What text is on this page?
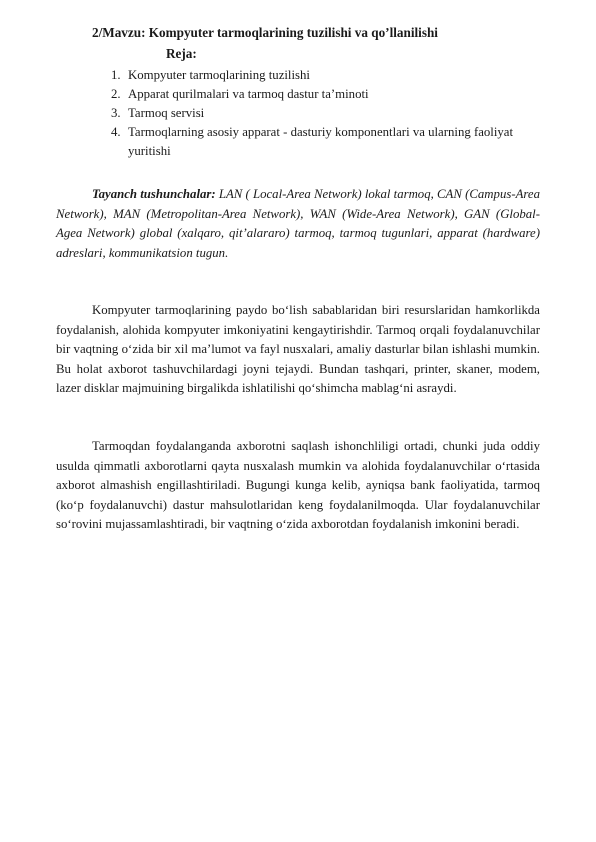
2/Mavzu: Kompyuter tarmoqlarining tuzilishi va qo’llanilishi
Reja:
1. Kompyuter tarmoqlarining tuzilishi
2. Apparat qurilmalari va tarmoq dastur ta’minoti
3. Tarmoq servisi
4. Tarmoqlarning asosiy apparat - dasturiy komponentlari va ularning faoliyat yuritishi

Tayanch tushunchalar: LAN ( Local-Area Network) lokal tarmoq, CAN (Campus-Area Network), MAN (Metropolitan-Area Network), WAN (Wide-Area Network), GAN (Global-Agea Network) global (xalqaro, qit’alararo) tarmoq, tarmoq tugunlari, apparat (hardware) adreslari, kommunikatsion tugun.

Kompyuter tarmoqlarining paydo bo‘lish sabablaridan biri resurslaridan hamkorlikda foydalanish, alohida kompyuter imkoniyatini kengaytirishdir. Tarmoq orqali foydalanuvchilar bir vaqtning o‘zida bir xil ma’lumot va fayl nusxalari, amaliy dasturlar bilan ishlashi mumkin. Bu holat axborot tashuvchilardagi joyni tejaydi. Bundan tashqari, printer, skaner, modem, lazer disklar majmuining birgalikda ishlatilishi qo‘shimcha mablag‘ni asraydi.

Tarmoqdan foydalanganda axborotni saqlash ishonchliligi ortadi, chunki juda oddiy usulda qimmatli axborotlarni qayta nusxalash mumkin va alohida foydalanuvchilar o‘rtasida axborot almashish engillashtiriladi. Bugungi kunga kelib, ayniqsa bank faoliyatida, tarmoq (ko‘p foydalanuvchi) dastur mahsulotlaridan keng foydalanilmoqda. Ular foydalanuvchilar so‘rovini mujassamlashtiradi, bir vaqtning o‘zida axborotdan foydalanish imkonini beradi.
